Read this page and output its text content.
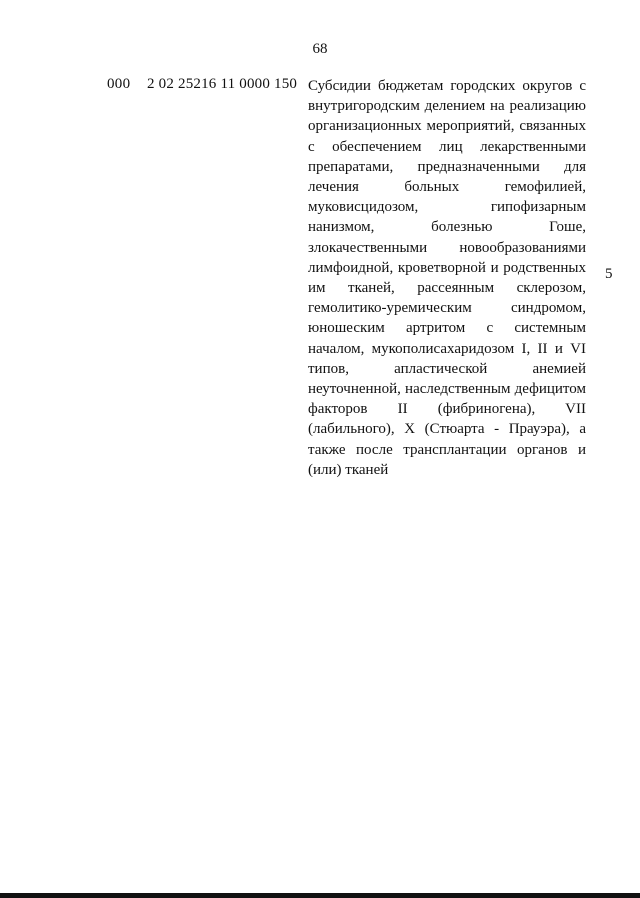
68
000 2 02 25216 11 0000 150 Субсидии бюджетам городских округов с внутригородским делением на реализацию организационных мероприятий, связанных с обеспечением лиц лекарственными препаратами, предназначенными для лечения больных гемофилией, муковисцидозом, гипофизарным нанизмом, болезнью Гоше, злокачественными новообразованиями лимфоидной, кроветворной и родственных им тканей, рассеянным склерозом, гемолитико-уремическим синдромом, юношеским артритом с системным началом, мукополисахаридозом I, II и VI типов, апластической анемией неуточненной, наследственным дефицитом факторов II (фибриногена), VII (лабильного), X (Стюарта - Прауэра), а также после трансплантации органов и (или) тканей
5
